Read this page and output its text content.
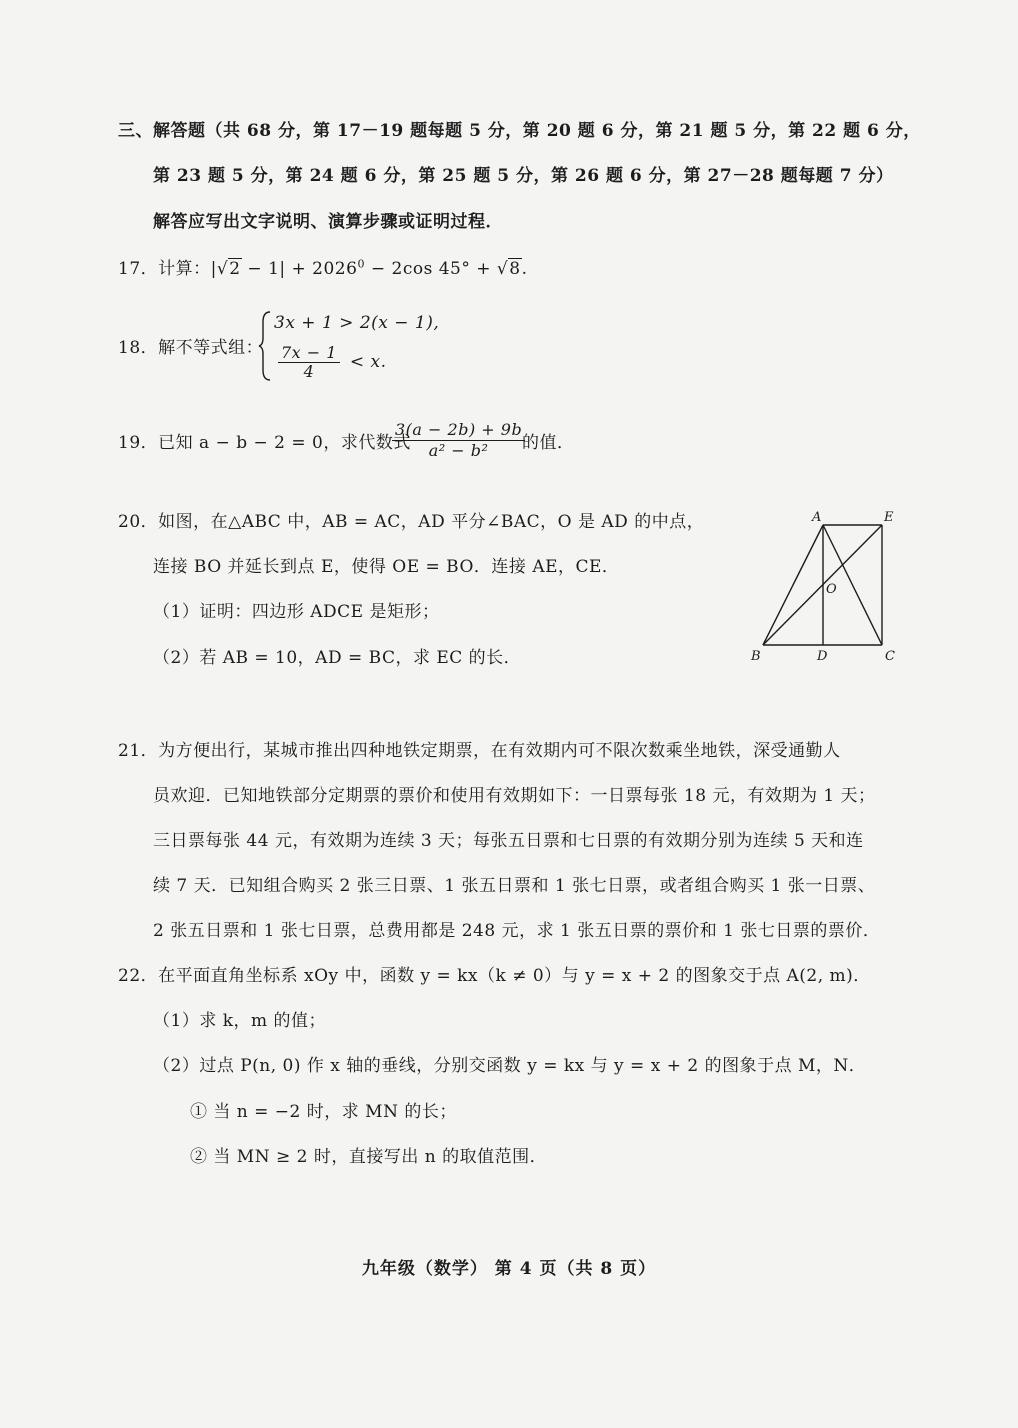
三、解答题（共 68 分，第 17－19 题每题 5 分，第 20 题 6 分，第 21 题 5 分，第 22 题 6 分，
第 23 题 5 分，第 24 题 6 分，第 25 题 5 分，第 26 题 6 分，第 27－28 题每题 7 分）
解答应写出文字说明、演算步骤或证明过程．
17．计算：$|√2 - 1| + 2026^0 - 2\cos$ 45° + √8.
18．解不等式组：
3x + 1 > 2(x − 1),
$\frac{7x - 1}{4} < x$.
19．已知 a − b − 2 = 0，求代数式
$\frac{3(a - 2b) + 9b}{\text{a² − b²}}$
的值．
20．如图，在△ABC 中，AB = AC，AD 平分∠BAC，O 是 AD 的中点，
连接 BO 并延长到点 E，使得 OE = BO．连接 AE，CE．
（1）证明：四边形 ADCE 是矩形；
（2）若 AB = 10，AD = BC，求 EC 的长．
A	E
O
B	D	C
21．为方便出行，某城市推出四种地铁定期票，在有效期内可不限次数乘坐地铁，深受通勤人
员欢迎．已知地铁部分定期票的票价和使用有效期如下：一日票每张 18 元，有效期为 1 天；
三日票每张 44 元，有效期为连续 3 天；每张五日票和七日票的有效期分别为连续 5 天和连
续 7 天．已知组合购买 2 张三日票、1 张五日票和 1 张七日票，或者组合购买 1 张一日票、
2 张五日票和 1 张七日票，总费用都是 248 元，求 1 张五日票的票价和 1 张七日票的票价．
22．在平面直角坐标系 xOy 中，函数 y = kx（k ≠ 0）与 y = x + 2 的图象交于点 A(2, m)．
（1）求 k，m 的值；
（2）过点 P(n, 0) 作 x 轴的垂线，分别交函数 y = kx 与 y = x + 2 的图象于点 M，N．
① 当 n = −2 时，求 MN 的长；
② 当 MN ≥ 2 时，直接写出 n 的取值范围．
九年级（数学） 第 4 页（共 8 页）
